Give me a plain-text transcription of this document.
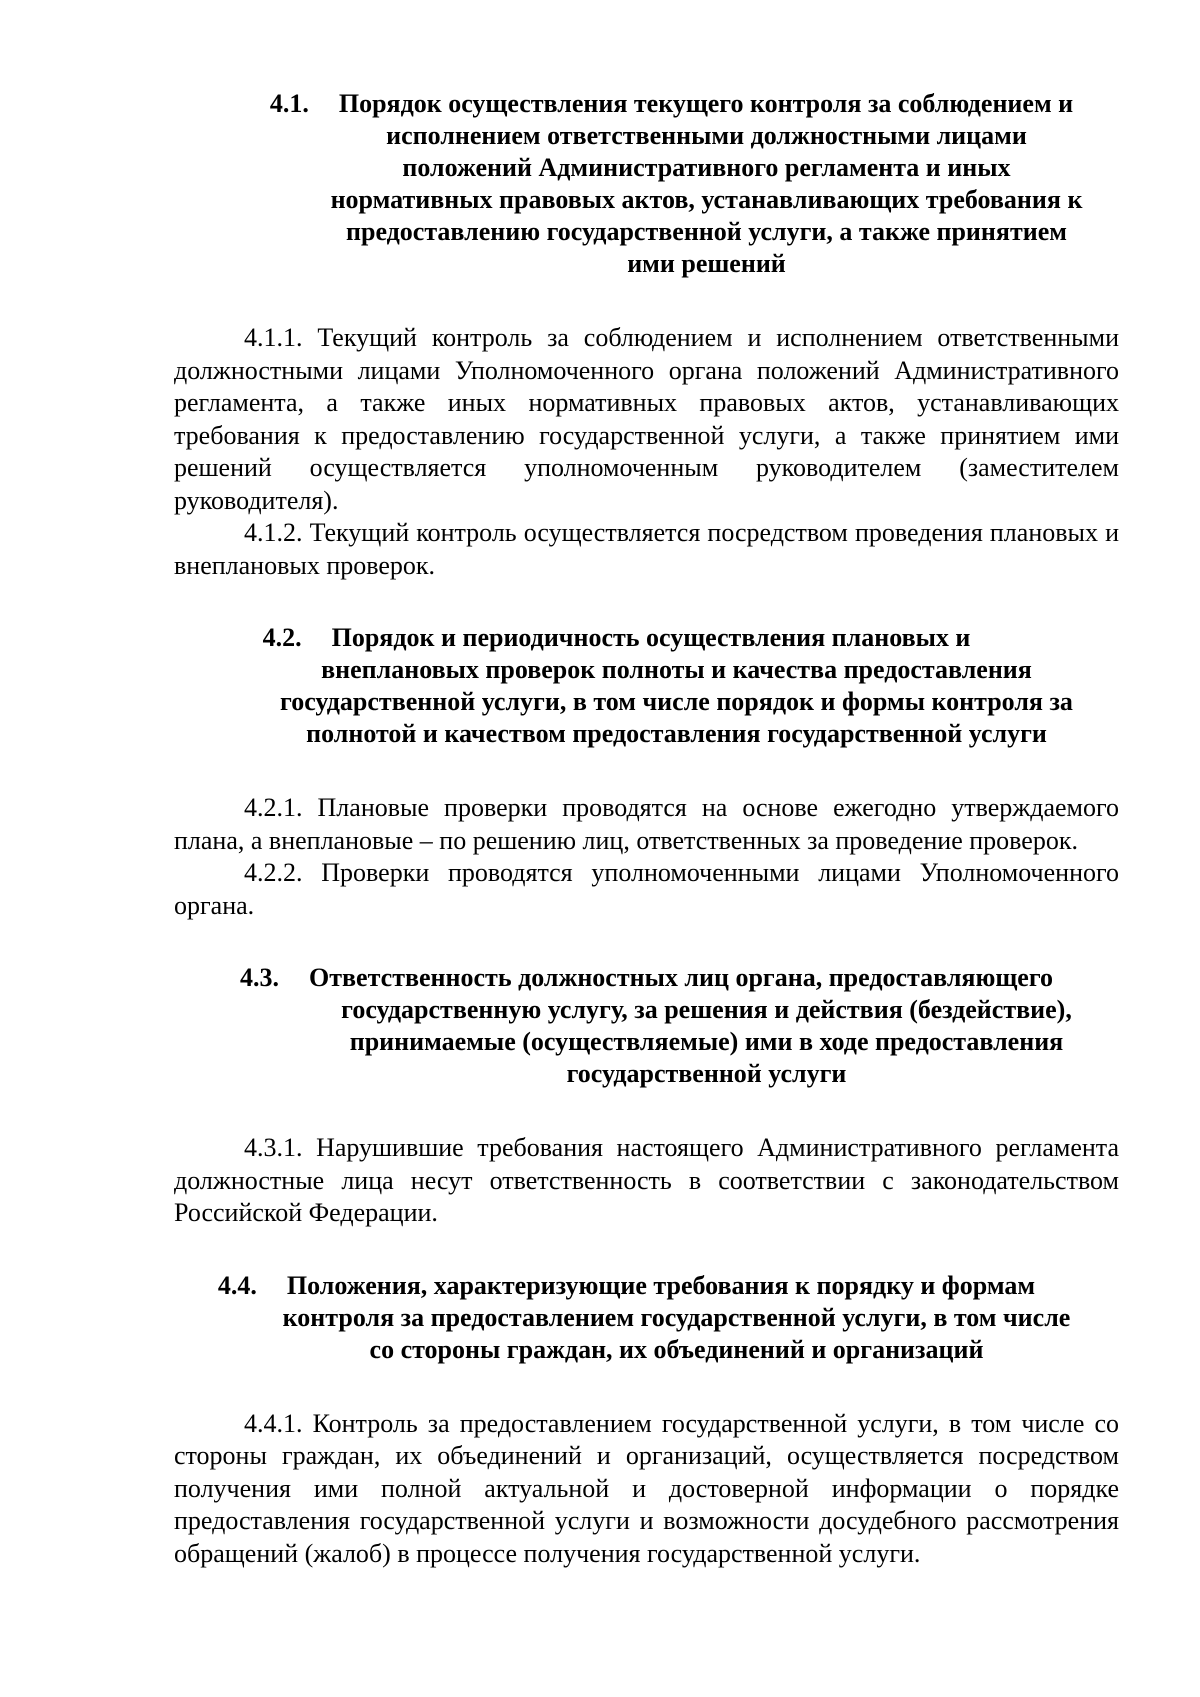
4.1. Порядок осуществления текущего контроля за соблюдением и
исполнением ответственными должностными лицами
положений Административного регламента и иных
нормативных правовых актов, устанавливающих требования к
предоставлению государственной услуги, а также принятием
ими решений

4.1.1. Текущий контроль за соблюдением и исполнением ответственными должностными лицами Уполномоченного органа положений Административного регламента, а также иных нормативных правовых актов, устанавливающих требования к предоставлению государственной услуги, а также принятием ими решений осуществляется уполномоченным руководителем (заместителем руководителя).

4.1.2. Текущий контроль осуществляется посредством проведения плановых и внеплановых проверок.

4.2. Порядок и периодичность осуществления плановых и
внеплановых проверок полноты и качества предоставления
государственной услуги, в том числе порядок и формы контроля за
полнотой и качеством предоставления государственной услуги

4.2.1. Плановые проверки проводятся на основе ежегодно утверждаемого плана, а внеплановые – по решению лиц, ответственных за проведение проверок.

4.2.2. Проверки проводятся уполномоченными лицами Уполномоченного органа.

4.3. Ответственность должностных лиц органа, предоставляющего
государственную услугу, за решения и действия (бездействие),
принимаемые (осуществляемые) ими в ходе предоставления
государственной услуги

4.3.1. Нарушившие требования настоящего Административного регламента должностные лица несут ответственность в соответствии с законодательством Российской Федерации.

4.4. Положения, характеризующие требования к порядку и формам
контроля за предоставлением государственной услуги, в том числе
со стороны граждан, их объединений и организаций

4.4.1. Контроль за предоставлением государственной услуги, в том числе со стороны граждан, их объединений и организаций, осуществляется посредством получения ими полной актуальной и достоверной информации о порядке предоставления государственной услуги и возможности досудебного рассмотрения обращений (жалоб) в процессе получения государственной услуги.
